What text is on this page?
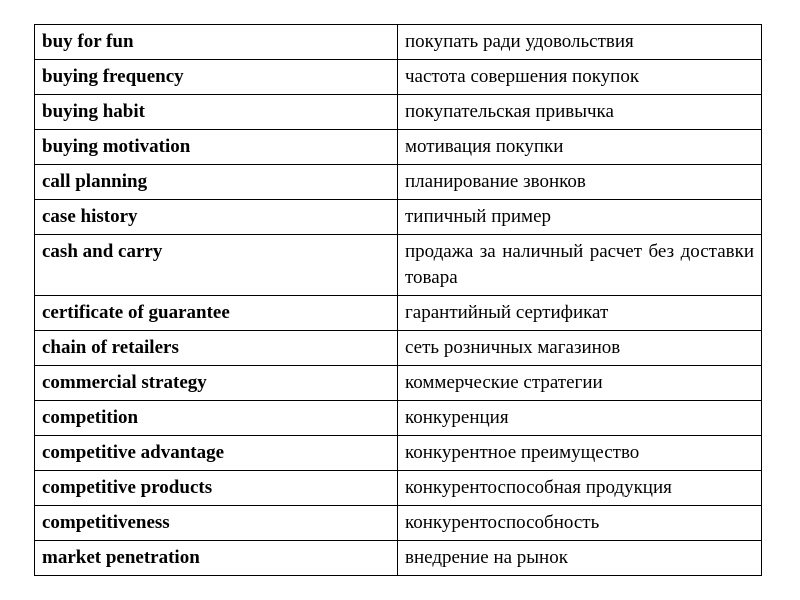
buy for fun	покупать ради удовольствия
buying frequency	частота совершения покупок
buying habit	покупательская привычка
buying motivation	мотивация покупки
call planning	планирование звонков
case history	типичный пример
cash and carry	продажа за наличный расчет без доставки товара
certificate of guarantee	гарантийный сертификат
chain of retailers	сеть розничных магазинов
commercial strategy	коммерческие стратегии
competition	конкуренция
competitive advantage	конкурентное преимущество
competitive products	конкурентоспособная продукция
competitiveness	конкурентоспособность
market penetration	внедрение на рынок
